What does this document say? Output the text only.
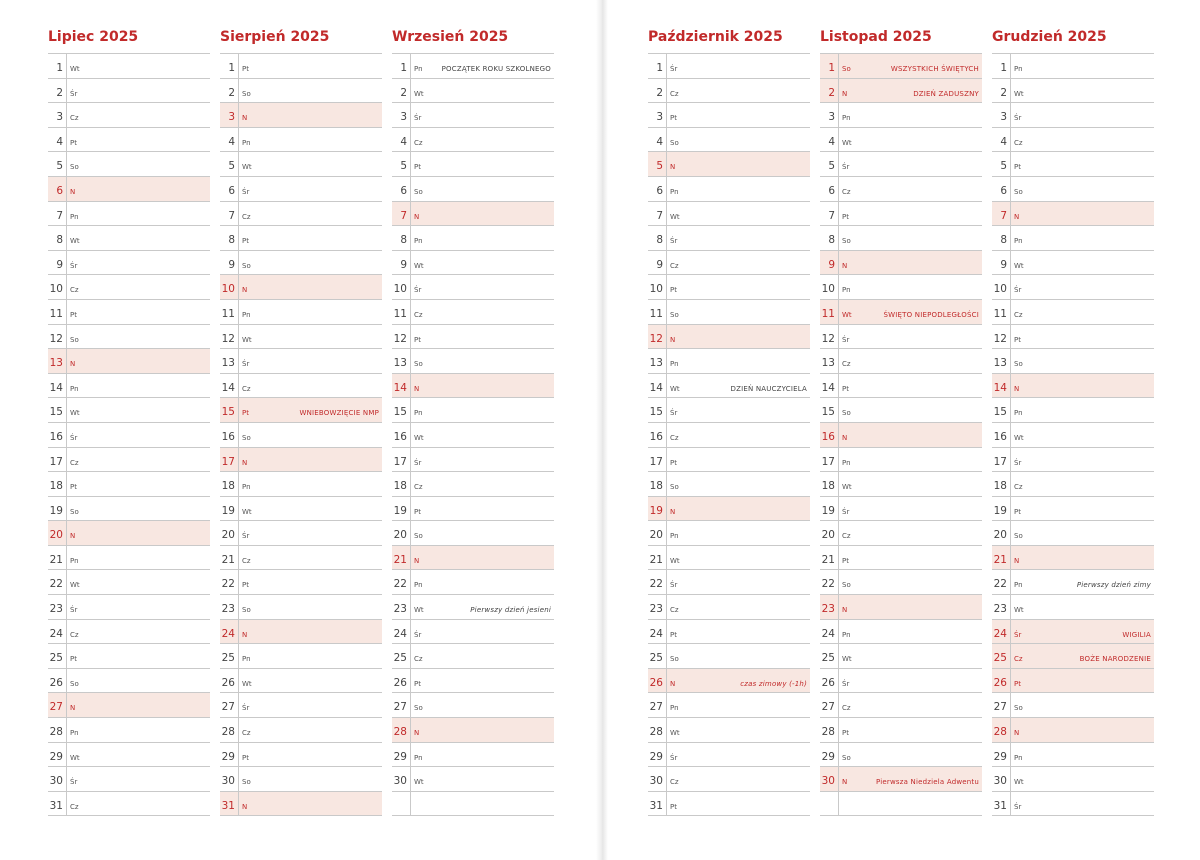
Lipiec 2025
1 Wt
2 Śr
3 Cz
4 Pt
5 So
6 N
7 Pn
8 Wt
9 Śr
10 Cz
11 Pt
12 So
13 N
14 Pn
15 Wt
16 Śr
17 Cz
18 Pt
19 So
20 N
21 Pn
22 Wt
23 Śr
24 Cz
25 Pt
26 So
27 N
28 Pn
29 Wt
30 Śr
31 Cz
Sierpień 2025
1 Pt
2 So
3 N
4 Pn
5 Wt
6 Śr
7 Cz
8 Pt
9 So
10 N
11 Pn
12 Wt
13 Śr
14 Cz
15 Pt	WNIEBOWZIĘCIE NMP
16 So
17 N
18 Pn
19 Wt
20 Śr
21 Cz
22 Pt
23 So
24 N
25 Pn
26 Wt
27 Śr
28 Cz
29 Pt
30 So
31 N
Wrzesień 2025
1 Pn	POCZĄTEK ROKU SZKOLNEGO
2 Wt
3 Śr
4 Cz
5 Pt
6 So
7 N
8 Pn
9 Wt
10 Śr
11 Cz
12 Pt
13 So
14 N
15 Pn
16 Wt
17 Śr
18 Cz
19 Pt
20 So
21 N
22 Pn
23 Wt	Pierwszy dzień jesieni
24 Śr
25 Cz
26 Pt
27 So
28 N
29 Pn
30 Wt
Październik 2025
1 Śr
2 Cz
3 Pt
4 So
5 N
6 Pn
7 Wt
8 Śr
9 Cz
10 Pt
11 So
12 N
13 Pn
14 Wt	DZIEŃ NAUCZYCIELA
15 Śr
16 Cz
17 Pt
18 So
19 N
20 Pn
21 Wt
22 Śr
23 Cz
24 Pt
25 So
26 N	czas zimowy (-1h)
27 Pn
28 Wt
29 Śr
30 Cz
31 Pt
Listopad 2025
1 So	WSZYSTKICH ŚWIĘTYCH
2 N	DZIEŃ ZADUSZNY
3 Pn
4 Wt
5 Śr
6 Cz
7 Pt
8 So
9 N
10 Pn
11 Wt	ŚWIĘTO NIEPODLEGŁOŚCI
12 Śr
13 Cz
14 Pt
15 So
16 N
17 Pn
18 Wt
19 Śr
20 Cz
21 Pt
22 So
23 N
24 Pn
25 Wt
26 Śr
27 Cz
28 Pt
29 So
30 N	Pierwsza Niedziela Adwentu
Grudzień 2025
1 Pn
2 Wt
3 Śr
4 Cz
5 Pt
6 So
7 N
8 Pn
9 Wt
10 Śr
11 Cz
12 Pt
13 So
14 N
15 Pn
16 Wt
17 Śr
18 Cz
19 Pt
20 So
21 N
22 Pn	Pierwszy dzień zimy
23 Wt
24 Śr	WIGILIA
25 Cz	BOŻE NARODZENIE
26 Pt
27 So
28 N
29 Pn
30 Wt
31 Śr
